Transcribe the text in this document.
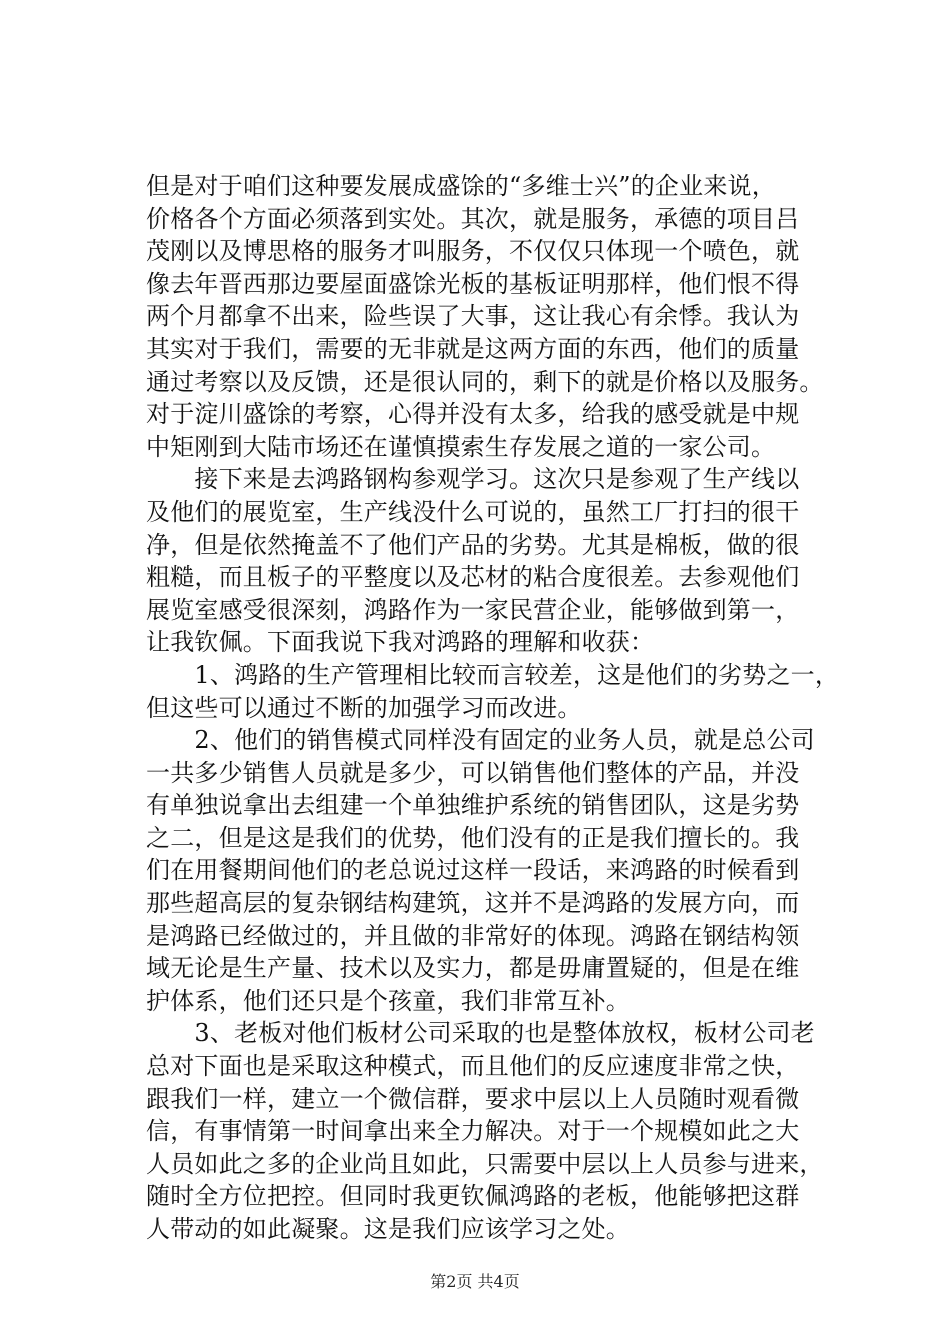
但是对于咱们这种要发展成盛馀的“多维士兴”的企业来说，
价格各个方面必须落到实处。其次，就是服务，承德的项目吕
茂刚以及博思格的服务才叫服务，不仅仅只体现一个喷色，就
像去年晋西那边要屋面盛馀光板的基板证明那样，他们恨不得
两个月都拿不出来，险些误了大事，这让我心有余悸。我认为
其实对于我们，需要的无非就是这两方面的东西，他们的质量
通过考察以及反馈，还是很认同的，剩下的就是价格以及服务。
对于淀川盛馀的考察，心得并没有太多，给我的感受就是中规
中矩刚到大陆市场还在谨慎摸索生存发展之道的一家公司。
　　接下来是去鸿路钢构参观学习。这次只是参观了生产线以
及他们的展览室，生产线没什么可说的，虽然工厂打扫的很干
净，但是依然掩盖不了他们产品的劣势。尤其是棉板，做的很
粗糙，而且板子的平整度以及芯材的粘合度很差。去参观他们
展览室感受很深刻，鸿路作为一家民营企业，能够做到第一，
让我钦佩。下面我说下我对鸿路的理解和收获：
　　1、鸿路的生产管理相比较而言较差，这是他们的劣势之一，
但这些可以通过不断的加强学习而改进。
　　2、他们的销售模式同样没有固定的业务人员，就是总公司
一共多少销售人员就是多少，可以销售他们整体的产品，并没
有单独说拿出去组建一个单独维护系统的销售团队，这是劣势
之二，但是这是我们的优势，他们没有的正是我们擅长的。我
们在用餐期间他们的老总说过这样一段话，来鸿路的时候看到
那些超高层的复杂钢结构建筑，这并不是鸿路的发展方向，而
是鸿路已经做过的，并且做的非常好的体现。鸿路在钢结构领
域无论是生产量、技术以及实力，都是毋庸置疑的，但是在维
护体系，他们还只是个孩童，我们非常互补。
　　3、老板对他们板材公司采取的也是整体放权，板材公司老
总对下面也是采取这种模式，而且他们的反应速度非常之快，
跟我们一样，建立一个微信群，要求中层以上人员随时观看微
信，有事情第一时间拿出来全力解决。对于一个规模如此之大
人员如此之多的企业尚且如此，只需要中层以上人员参与进来，
随时全方位把控。但同时我更钦佩鸿路的老板，他能够把这群
人带动的如此凝聚。这是我们应该学习之处。
第2页 共4页
